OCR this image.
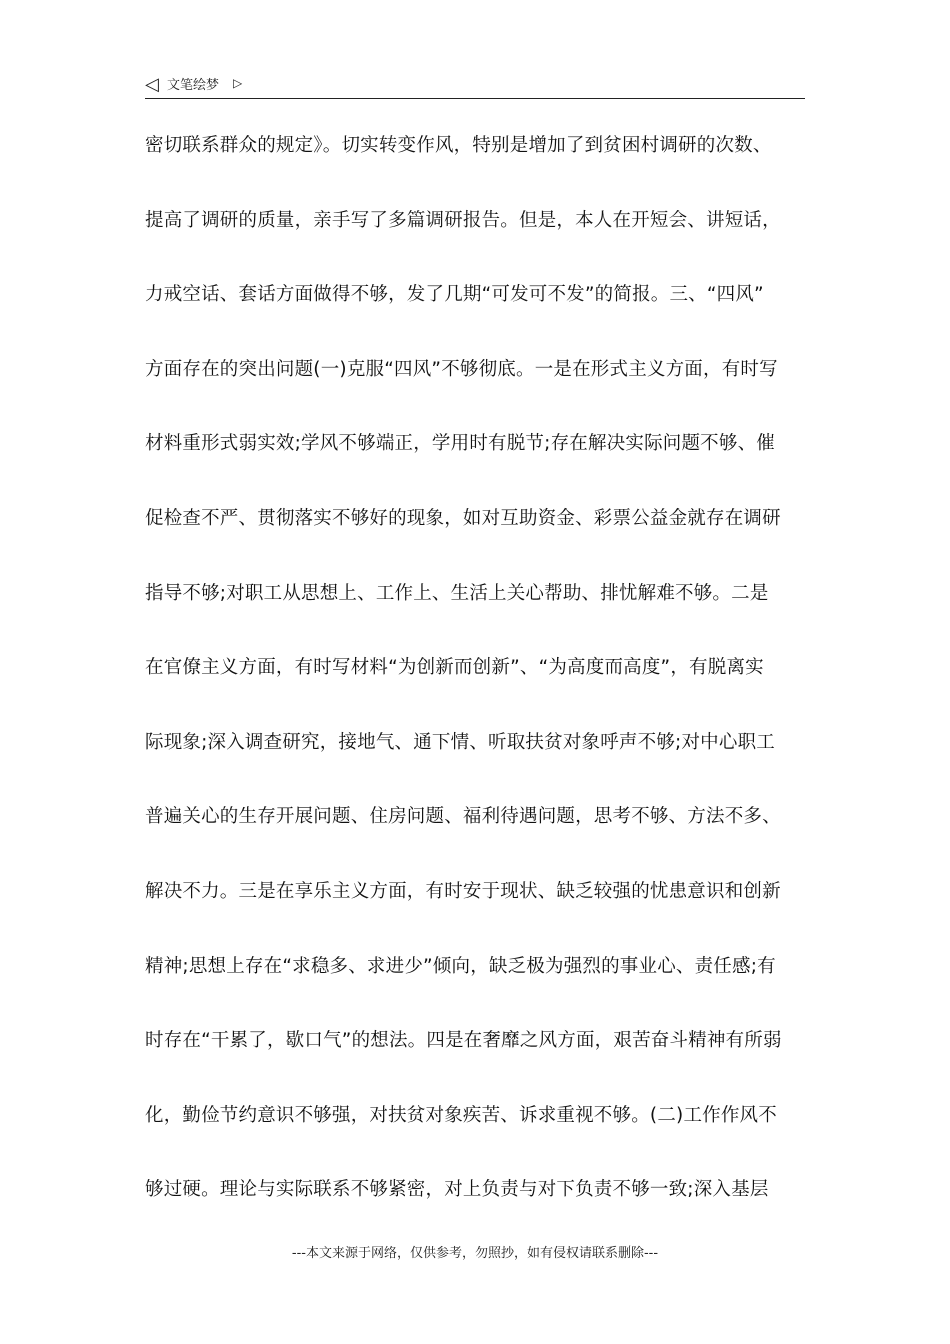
◁ 文笔绘梦 ▷
密切联系群众的规定》。切实转变作风，特别是增加了到贫困村调研的次数、
提高了调研的质量，亲手写了多篇调研报告。但是，本人在开短会、讲短话，
力戒空话、套话方面做得不够，发了几期“可发可不发”的简报。三、“四风”
方面存在的突出问题(一)克服“四风”不够彻底。一是在形式主义方面，有时写
材料重形式弱实效;学风不够端正，学用时有脱节;存在解决实际问题不够、催
促检查不严、贯彻落实不够好的现象，如对互助资金、彩票公益金就存在调研
指导不够;对职工从思想上、工作上、生活上关心帮助、排忧解难不够。二是
在官僚主义方面，有时写材料“为创新而创新”、“为高度而高度”，有脱离实
际现象;深入调查研究，接地气、通下情、听取扶贫对象呼声不够;对中心职工
普遍关心的生存开展问题、住房问题、福利待遇问题，思考不够、方法不多、
解决不力。三是在享乐主义方面，有时安于现状、缺乏较强的忧患意识和创新
精神;思想上存在“求稳多、求进少”倾向，缺乏极为强烈的事业心、责任感;有
时存在“干累了，歇口气”的想法。四是在奢靡之风方面，艰苦奋斗精神有所弱
化，勤俭节约意识不够强，对扶贫对象疾苦、诉求重视不够。(二)工作作风不
够过硬。理论与实际联系不够紧密，对上负责与对下负责不够一致;深入基层
---本文来源于网络，仅供参考，勿照抄，如有侵权请联系删除---
